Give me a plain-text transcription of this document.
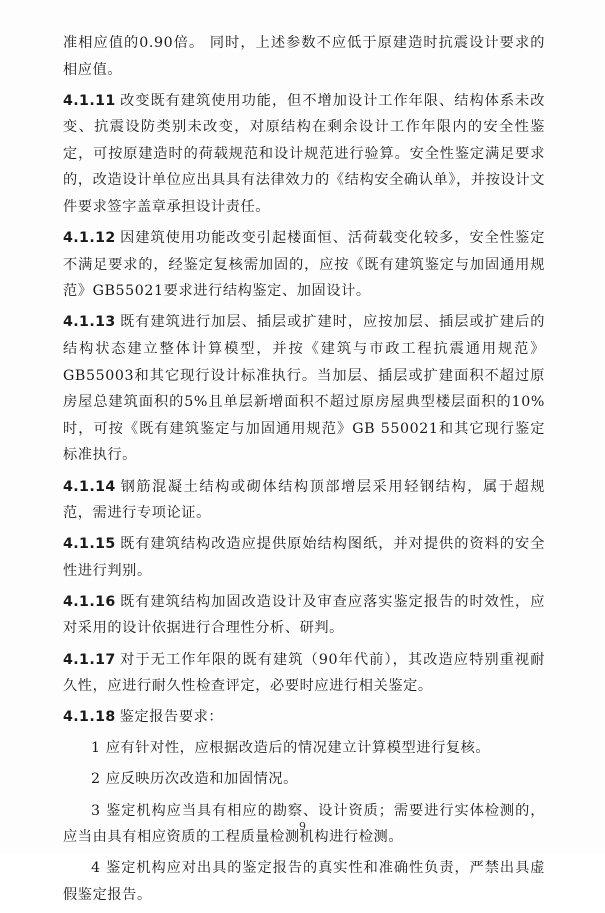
准相应值的0.90倍。 同时，上述参数不应低于原建造时抗震设计要求的相应值。

4.1.11 改变既有建筑使用功能，但不增加设计工作年限、结构体系未改变、抗震设防类别未改变，对原结构在剩余设计工作年限内的安全性鉴定，可按原建造时的荷载规范和设计规范进行验算。安全性鉴定满足要求的，改造设计单位应出具具有法律效力的《结构安全确认单》，并按设计文件要求签字盖章承担设计责任。

4.1.12 因建筑使用功能改变引起楼面恒、活荷载变化较多，安全性鉴定不满足要求的，经鉴定复核需加固的，应按《既有建筑鉴定与加固通用规范》GB55021要求进行结构鉴定、加固设计。

4.1.13 既有建筑进行加层、插层或扩建时，应按加层、插层或扩建后的结构状态建立整体计算模型，并按《建筑与市政工程抗震通用规范》GB55003和其它现行设计标准执行。当加层、插层或扩建面积不超过原房屋总建筑面积的5%且单层新增面积不超过原房屋典型楼层面积的10%时，可按《既有建筑鉴定与加固通用规范》GB 550021和其它现行鉴定标准执行。

4.1.14 钢筋混凝土结构或砌体结构顶部增层采用轻钢结构，属于超规范，需进行专项论证。

4.1.15 既有建筑结构改造应提供原始结构图纸，并对提供的资料的安全性进行判别。

4.1.16 既有建筑结构加固改造设计及审查应落实鉴定报告的时效性，应对采用的设计依据进行合理性分析、研判。

4.1.17 对于无工作年限的既有建筑（90年代前），其改造应特别重视耐久性，应进行耐久性检查评定，必要时应进行相关鉴定。

4.1.18 鉴定报告要求：

1 应有针对性，应根据改造后的情况建立计算模型进行复核。

2 应反映历次改造和加固情况。

3 鉴定机构应当具有相应的勘察、设计资质；需要进行实体检测的，应当由具有相应资质的工程质量检测机构进行检测。

4 鉴定机构应对出具的鉴定报告的真实性和准确性负责，严禁出具虚假鉴定报告。

9
